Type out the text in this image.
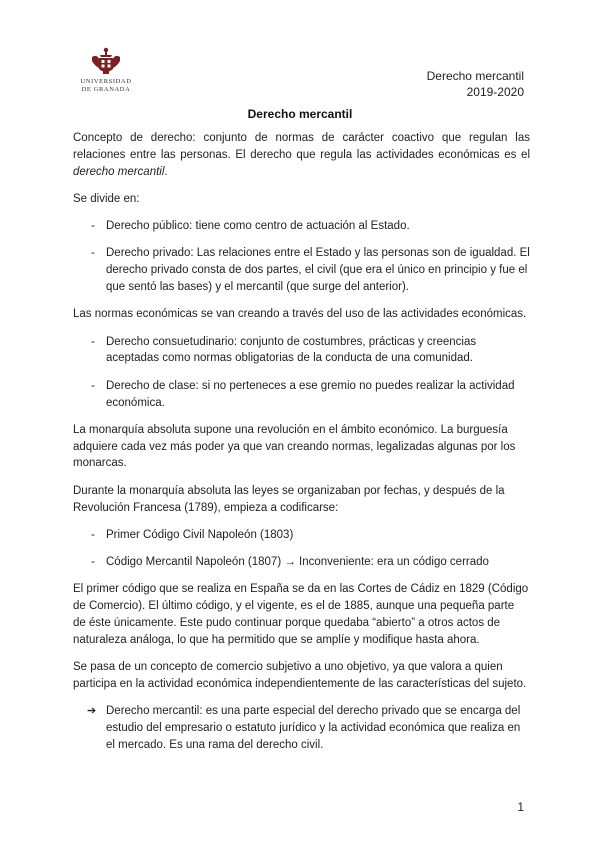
UNIVERSIDAD
DE GRANADA
Derecho mercantil
2019-2020
Derecho mercantil

Concepto de derecho: conjunto de normas de carácter coactivo que regulan las relaciones entre las personas. El derecho que regula las actividades económicas es el derecho mercantil.

Se divide en:

- Derecho público: tiene como centro de actuación al Estado.
- Derecho privado: Las relaciones entre el Estado y las personas son de igualdad. El derecho privado consta de dos partes, el civil (que era el único en principio y fue el que sentó las bases) y el mercantil (que surge del anterior).

Las normas económicas se van creando a través del uso de las actividades económicas.

- Derecho consuetudinario: conjunto de costumbres, prácticas y creencias aceptadas como normas obligatorias de la conducta de una comunidad.
- Derecho de clase: si no perteneces a ese gremio no puedes realizar la actividad económica.

La monarquía absoluta supone una revolución en el ámbito económico. La burguesía adquiere cada vez más poder ya que van creando normas, legalizadas algunas por los monarcas.

Durante la monarquía absoluta las leyes se organizaban por fechas, y después de la Revolución Francesa (1789), empieza a codificarse:

- Primer Código Civil Napoleón (1803)
- Código Mercantil Napoleón (1807) → Inconveniente: era un código cerrado

El primer código que se realiza en España se da en las Cortes de Cádiz en 1829 (Código de Comercio). El último código, y el vigente, es el de 1885, aunque una pequeña parte de éste únicamente. Este pudo continuar porque quedaba “abierto” a otros actos de naturaleza análoga, lo que ha permitido que se amplíe y modifique hasta ahora.

Se pasa de un concepto de comercio subjetivo a uno objetivo, ya que valora a quien participa en la actividad económica independientemente de las características del sujeto.

➔ Derecho mercantil: es una parte especial del derecho privado que se encarga del estudio del empresario o estatuto jurídico y la actividad económica que realiza en el mercado. Es una rama del derecho civil.
1
